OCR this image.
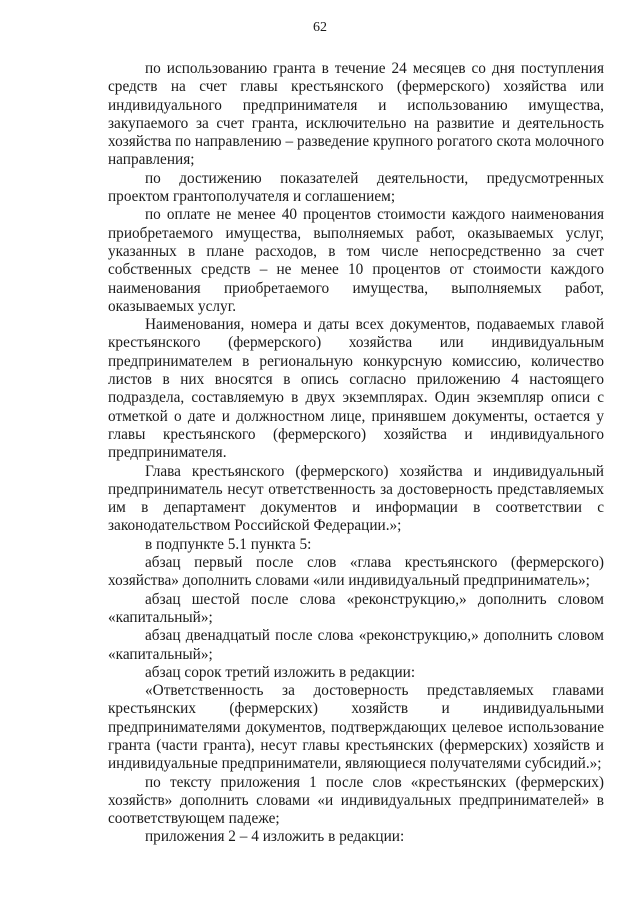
62

по использованию гранта в течение 24 месяцев со дня поступления средств на счет главы крестьянского (фермерского) хозяйства или индивидуального предпринимателя и использованию имущества, закупаемого за счет гранта, исключительно на развитие и деятельность хозяйства по направлению – разведение крупного рогатого скота молочного направления;

по достижению показателей деятельности, предусмотренных проектом грантополучателя и соглашением;

по оплате не менее 40 процентов стоимости каждого наименования приобретаемого имущества, выполняемых работ, оказываемых услуг, указанных в плане расходов, в том числе непосредственно за счет собственных средств – не менее 10 процентов от стоимости каждого наименования приобретаемого имущества, выполняемых работ, оказываемых услуг.

Наименования, номера и даты всех документов, подаваемых главой крестьянского (фермерского) хозяйства или индивидуальным предпринимателем в региональную конкурсную комиссию, количество листов в них вносятся в опись согласно приложению 4 настоящего подраздела, составляемую в двух экземплярах. Один экземпляр описи с отметкой о дате и должностном лице, принявшем документы, остается у главы крестьянского (фермерского) хозяйства и индивидуального предпринимателя.

Глава крестьянского (фермерского) хозяйства и индивидуальный предприниматель несут ответственность за достоверность представляемых им в департамент документов и информации в соответствии с законодательством Российской Федерации.»;

в подпункте 5.1 пункта 5:

абзац первый после слов «глава крестьянского (фермерского) хозяйства» дополнить словами «или индивидуальный предприниматель»;

абзац шестой после слова «реконструкцию,» дополнить словом «капитальный»;

абзац двенадцатый после слова «реконструкцию,» дополнить словом «капитальный»;

абзац сорок третий изложить в редакции:

«Ответственность за достоверность представляемых главами крестьянских (фермерских) хозяйств и индивидуальными предпринимателями документов, подтверждающих целевое использование гранта (части гранта), несут главы крестьянских (фермерских) хозяйств и индивидуальные предприниматели, являющиеся получателями субсидий.»;

по тексту приложения 1 после слов «крестьянских (фермерских) хозяйств» дополнить словами «и индивидуальных предпринимателей» в соответствующем падеже;

приложения 2 – 4 изложить в редакции:
